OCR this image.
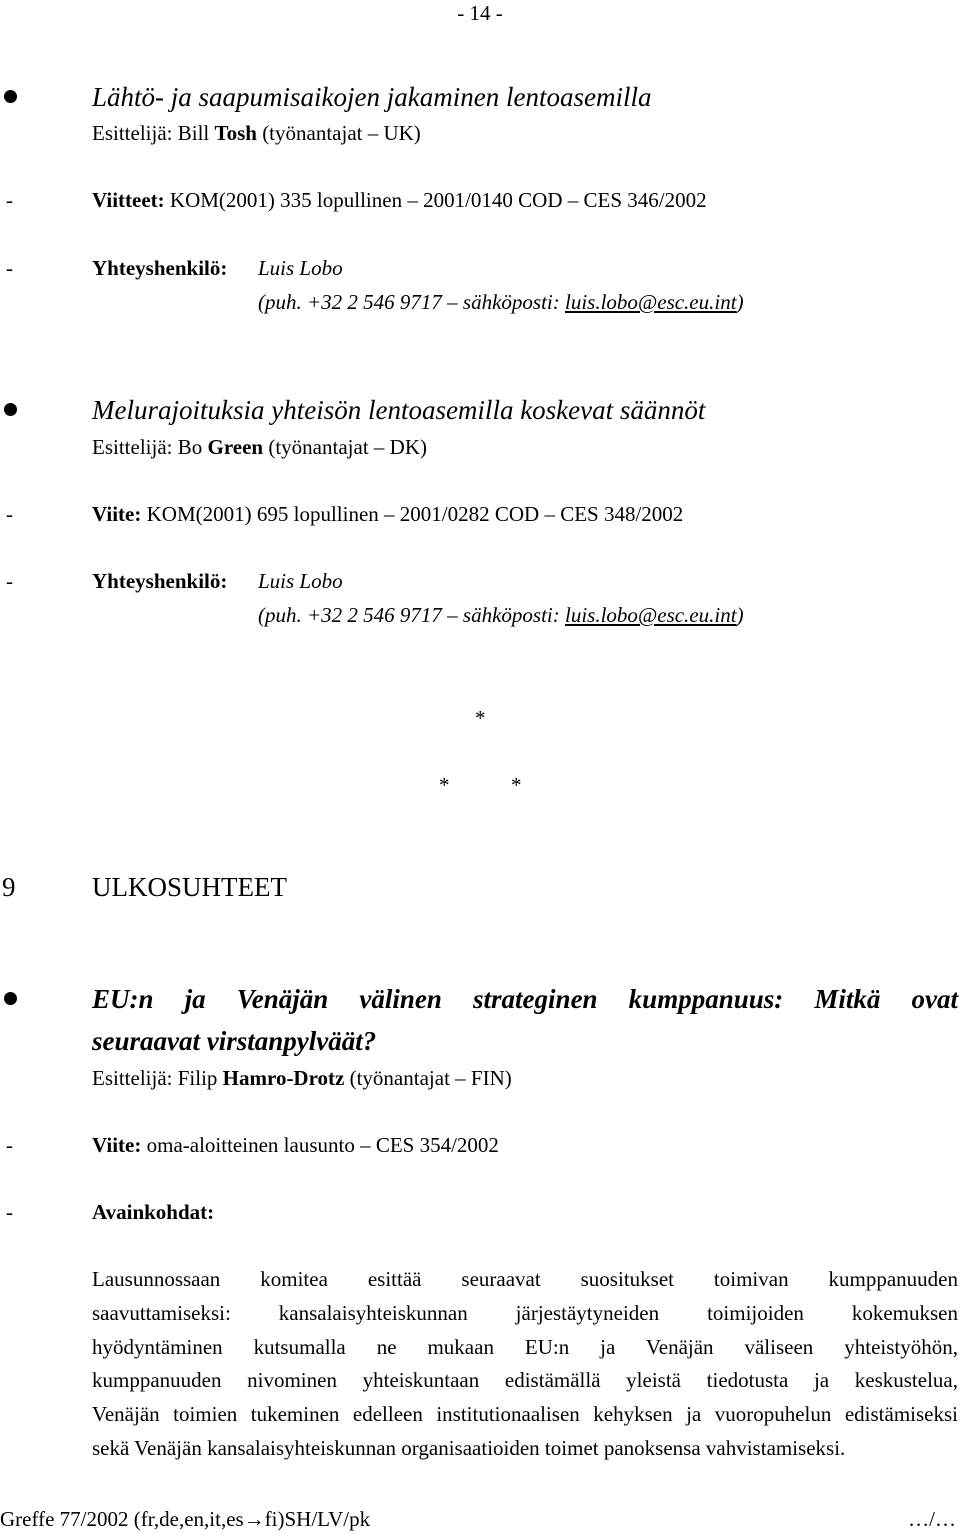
- 14 -
Lähtö- ja saapumisaikojen jakaminen lentoasemilla
Esittelijä: Bill Tosh (työnantajat – UK)
-	Viitteet: KOM(2001) 335 lopullinen – 2001/0140 COD – CES 346/2002
-	Yhteyshenkilö: Luis Lobo
(puh. +32 2 546 9717 – sähköposti: luis.lobo@esc.eu.int)
Melurajoituksia yhteisön lentoasemilla koskevat säännöt
Esittelijä: Bo Green (työnantajat – DK)
-	Viite: KOM(2001) 695 lopullinen – 2001/0282 COD – CES 348/2002
-	Yhteyshenkilö: Luis Lobo
(puh. +32 2 546 9717 – sähköposti: luis.lobo@esc.eu.int)
*
*	*
9	ULKOSUHTEET
EU:n ja Venäjän välinen strateginen kumppanuus: Mitkä ovat
seuraavat virstanpylväät?
Esittelijä: Filip Hamro-Drotz (työnantajat – FIN)
-	Viite: oma-aloitteinen lausunto – CES 354/2002
-	Avainkohdat:
Lausunnossaan komitea esittää seuraavat suositukset toimivan kumppanuuden
saavuttamiseksi: kansalaisyhteiskunnan järjestäytyneiden toimijoiden kokemuksen
hyödyntäminen kutsumalla ne mukaan EU:n ja Venäjän väliseen yhteistyöhön,
kumppanuuden nivominen yhteiskuntaan edistämällä yleistä tiedotusta ja keskustelua,
Venäjän toimien tukeminen edelleen institutionaalisen kehyksen ja vuoropuhelun edistämiseksi
sekä Venäjän kansalaisyhteiskunnan organisaatioiden toimet panoksensa vahvistamiseksi.
Greffe 77/2002 (fr,de,en,it,es→fi)SH/LV/pk	…/…
